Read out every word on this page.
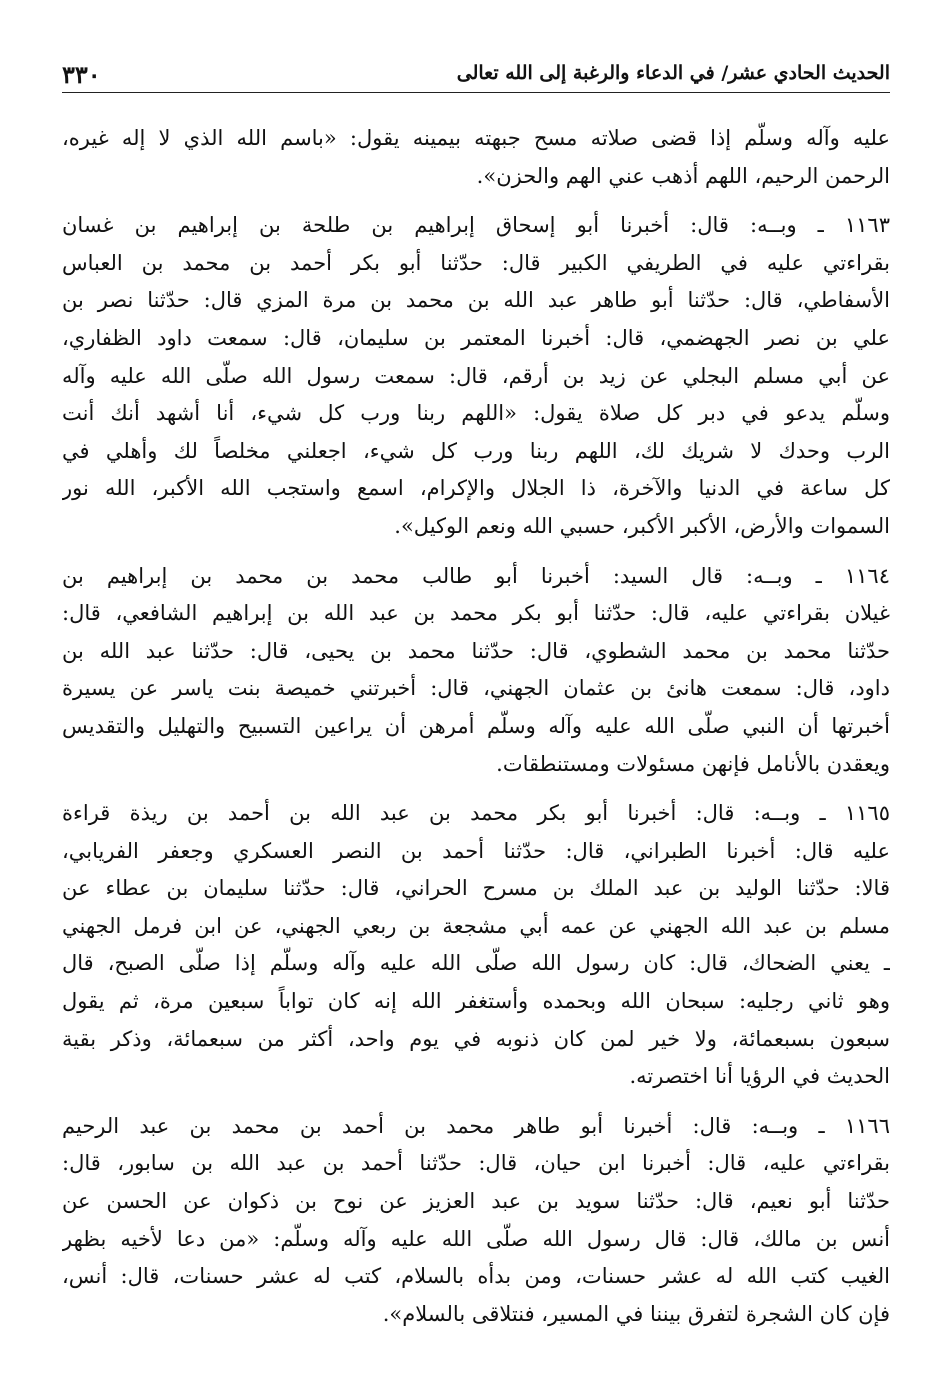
٣٣٠	الحديث الحادي عشر/ في الدعاء والرغبة إلى الله تعالى
عليه وآله وسلّم إذا قضى صلاته مسح جبهته بيمينه يقول: «باسم الله الذي لا إله غيره،
الرحمن الرحيم، اللهم أذهب عني الهم والحزن».
١١٦٣ ـ وبــه: قال: أخبرنا أبو إسحاق إبراهيم بن طلحة بن إبراهيم بن غسان
بقراءتي عليه في الطريفي الكبير قال: حدّثنا أبو بكر أحمد بن محمد بن العباس
الأسفاطي، قال: حدّثنا أبو طاهر عبد الله بن محمد بن مرة المزي قال: حدّثنا نصر بن
علي بن نصر الجهضمي، قال: أخبرنا المعتمر بن سليمان، قال: سمعت داود الظفاري،
عن أبي مسلم البجلي عن زيد بن أرقم، قال: سمعت رسول الله صلّى الله عليه وآله
وسلّم يدعو في دبر كل صلاة يقول: «اللهم ربنا ورب كل شيء، أنا أشهد أنك أنت
الرب وحدك لا شريك لك، اللهم ربنا ورب كل شيء، اجعلني مخلصاً لك وأهلي في
كل ساعة في الدنيا والآخرة، ذا الجلال والإكرام، اسمع واستجب الله الأكبر، الله نور
السموات والأرض، الأكبر الأكبر، حسبي الله ونعم الوكيل».
١١٦٤ ـ وبــه: قال السيد: أخبرنا أبو طالب محمد بن محمد بن إبراهيم بن
غيلان بقراءتي عليه، قال: حدّثنا أبو بكر محمد بن عبد الله بن إبراهيم الشافعي، قال:
حدّثنا محمد بن محمد الشطوي، قال: حدّثنا محمد بن يحيى، قال: حدّثنا عبد الله بن
داود، قال: سمعت هانئ بن عثمان الجهني، قال: أخبرتني خميصة بنت ياسر عن يسيرة
أخبرتها أن النبي صلّى الله عليه وآله وسلّم أمرهن أن يراعين التسبيح والتهليل والتقديس
ويعقدن بالأنامل فإنهن مسئولات ومستنطقات.
١١٦٥ ـ وبــه: قال: أخبرنا أبو بكر محمد بن عبد الله بن أحمد بن ريذة قراءة
عليه قال: أخبرنا الطبراني، قال: حدّثنا أحمد بن النصر العسكري وجعفر الفريابي،
قالا: حدّثنا الوليد بن عبد الملك بن مسرح الحراني، قال: حدّثنا سليمان بن عطاء عن
مسلم بن عبد الله الجهني عن عمه أبي مشجعة بن ربعي الجهني، عن ابن فرمل الجهني
ـ يعني الضحاك، قال: كان رسول الله صلّى الله عليه وآله وسلّم إذا صلّى الصبح، قال
وهو ثاني رجليه: سبحان الله وبحمده وأستغفر الله إنه كان تواباً سبعين مرة، ثم يقول
سبعون بسبعمائة، ولا خير لمن كان ذنوبه في يوم واحد، أكثر من سبعمائة، وذكر بقية
الحديث في الرؤيا أنا اختصرته.
١١٦٦ ـ وبــه: قال: أخبرنا أبو طاهر محمد بن أحمد بن محمد بن عبد الرحيم
بقراءتي عليه، قال: أخبرنا ابن حيان، قال: حدّثنا أحمد بن عبد الله بن سابور، قال:
حدّثنا أبو نعيم، قال: حدّثنا سويد بن عبد العزيز عن نوح بن ذكوان عن الحسن عن
أنس بن مالك، قال: قال رسول الله صلّى الله عليه وآله وسلّم: «من دعا لأخيه بظهر
الغيب كتب الله له عشر حسنات، ومن بدأه بالسلام، كتب له عشر حسنات، قال: أنس،
فإن كان الشجرة لتفرق بيننا في المسير، فنتلاقى بالسلام».
